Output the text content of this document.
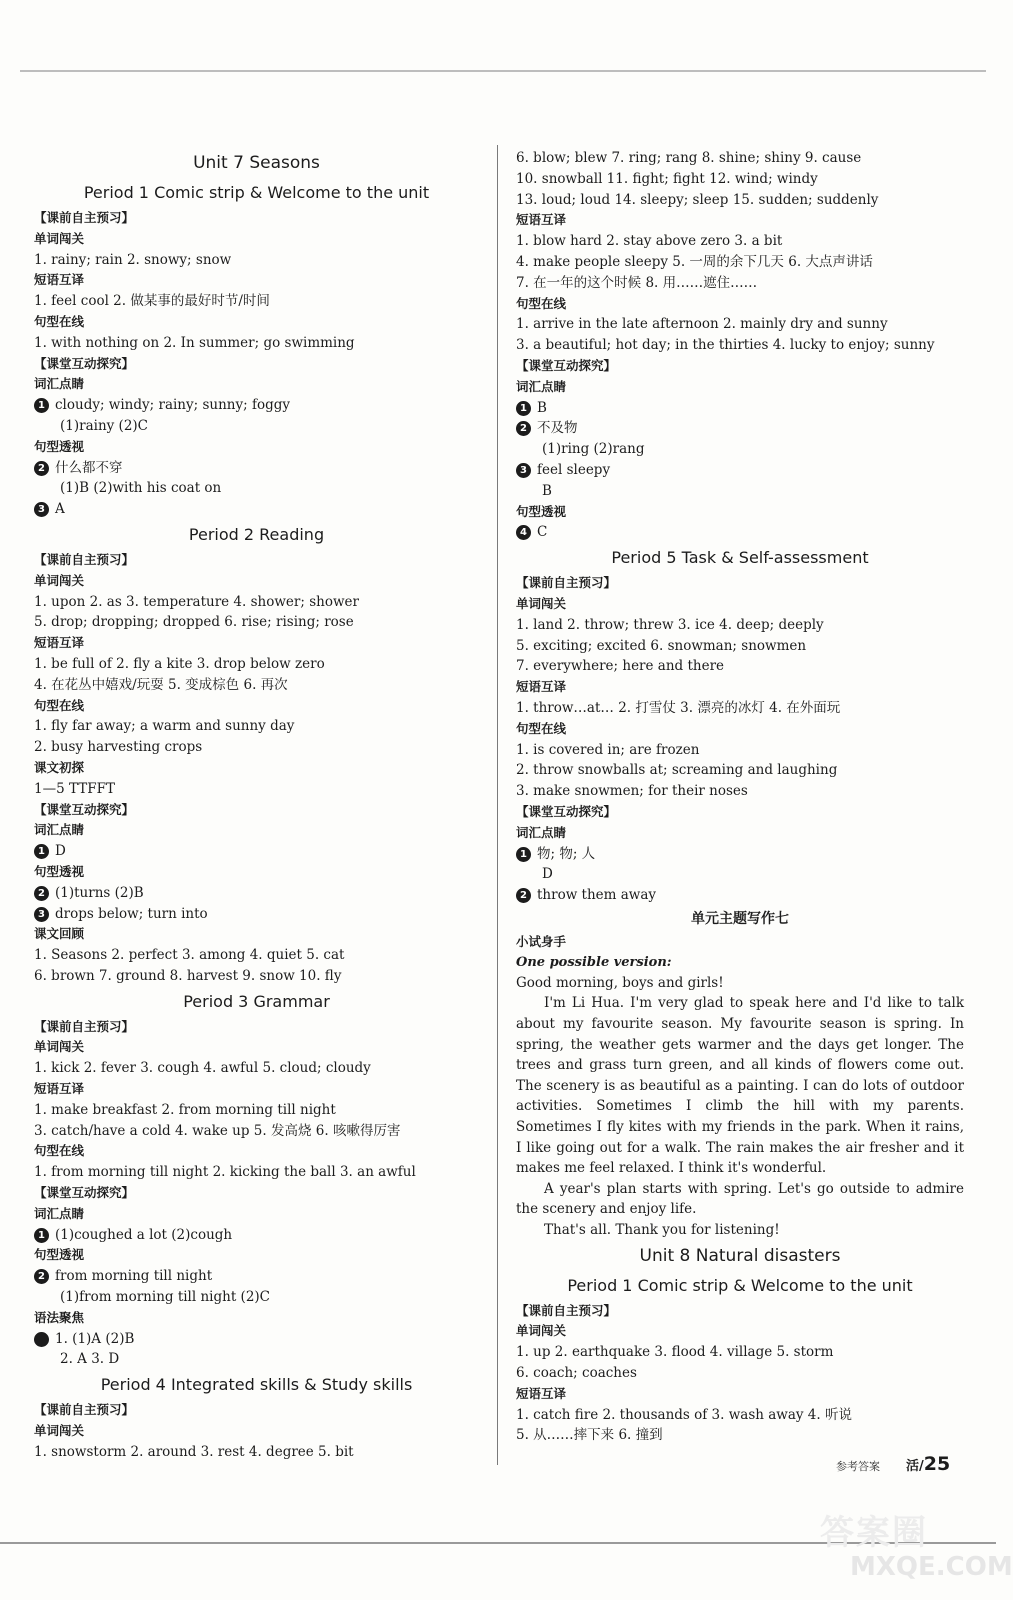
Unit 7 Seasons
Period 1 Comic strip & Welcome to the unit
【课前自主预习】
单词闯关
1. rainy; rain 2. snowy; snow
短语互译
1. feel cool 2. 做某事的最好时节/时间
句型在线
1. with nothing on 2. In summer; go swimming
【课堂互动探究】
词汇点睛
1 cloudy; windy; rainy; sunny; foggy
(1)rainy (2)C
句型透视
2 什么都不穿
(1)B (2)with his coat on
3 A
Period 2 Reading
【课前自主预习】
单词闯关
1. upon 2. as 3. temperature 4. shower; shower
5. drop; dropping; dropped 6. rise; rising; rose
短语互译
1. be full of 2. fly a kite 3. drop below zero
4. 在花丛中嬉戏/玩耍 5. 变成棕色 6. 再次
句型在线
1. fly far away; a warm and sunny day
2. busy harvesting crops
课文初探
1—5 TTFFT
【课堂互动探究】
词汇点睛
1 D
句型透视
2 (1)turns (2)B
3 drops below; turn into
课文回顾
1. Seasons 2. perfect 3. among 4. quiet 5. cat
6. brown 7. ground 8. harvest 9. snow 10. fly
Period 3 Grammar
【课前自主预习】
单词闯关
1. kick 2. fever 3. cough 4. awful 5. cloud; cloudy
短语互译
1. make breakfast 2. from morning till night
3. catch/have a cold 4. wake up 5. 发高烧 6. 咳嗽得厉害
句型在线
1. from morning till night 2. kicking the ball 3. an awful
【课堂互动探究】
词汇点睛
1 (1)coughed a lot (2)cough
句型透视
2 from morning till night
(1)from morning till night (2)C
语法聚焦
1. (1)A (2)B
2. A 3. D
Period 4 Integrated skills & Study skills
【课前自主预习】
单词闯关
1. snowstorm 2. around 3. rest 4. degree 5. bit
6. blow; blew 7. ring; rang 8. shine; shiny 9. cause
10. snowball 11. fight; fight 12. wind; windy
13. loud; loud 14. sleepy; sleep 15. sudden; suddenly
短语互译
1. blow hard 2. stay above zero 3. a bit
4. make people sleepy 5. 一周的余下几天 6. 大点声讲话
7. 在一年的这个时候 8. 用……遮住……
句型在线
1. arrive in the late afternoon 2. mainly dry and sunny
3. a beautiful; hot day; in the thirties 4. lucky to enjoy; sunny
【课堂互动探究】
词汇点睛
1 B
2 不及物
(1)ring (2)rang
3 feel sleepy
B
句型透视
4 C
Period 5 Task & Self-assessment
【课前自主预习】
单词闯关
1. land 2. throw; threw 3. ice 4. deep; deeply
5. exciting; excited 6. snowman; snowmen
7. everywhere; here and there
短语互译
1. throw…at… 2. 打雪仗 3. 漂亮的冰灯 4. 在外面玩
句型在线
1. is covered in; are frozen
2. throw snowballs at; screaming and laughing
3. make snowmen; for their noses
【课堂互动探究】
词汇点睛
1 物; 物; 人
D
2 throw them away
单元主题写作七
小试身手
One possible version:
Good morning, boys and girls!

I'm Li Hua. I'm very glad to speak here and I'd like to talk about my favourite season. My favourite season is spring. In spring, the weather gets warmer and the days get longer. The trees and grass turn green, and all kinds of flowers come out. The scenery is as beautiful as a painting. I can do lots of outdoor activities. Sometimes I climb the hill with my parents. Sometimes I fly kites with my friends in the park. When it rains, I like going out for a walk. The rain makes the air fresher and it makes me feel relaxed. I think it's wonderful.

A year's plan starts with spring. Let's go outside to admire the scenery and enjoy life.

That's all. Thank you for listening!

Unit 8 Natural disasters
Period 1 Comic strip & Welcome to the unit
【课前自主预习】
单词闯关
1. up 2. earthquake 3. flood 4. village 5. storm
6. coach; coaches
短语互译
1. catch fire 2. thousands of 3. wash away 4. 听说
5. 从……摔下来 6. 撞到
参考答案 活/25
答案圈
MXQE.COM
